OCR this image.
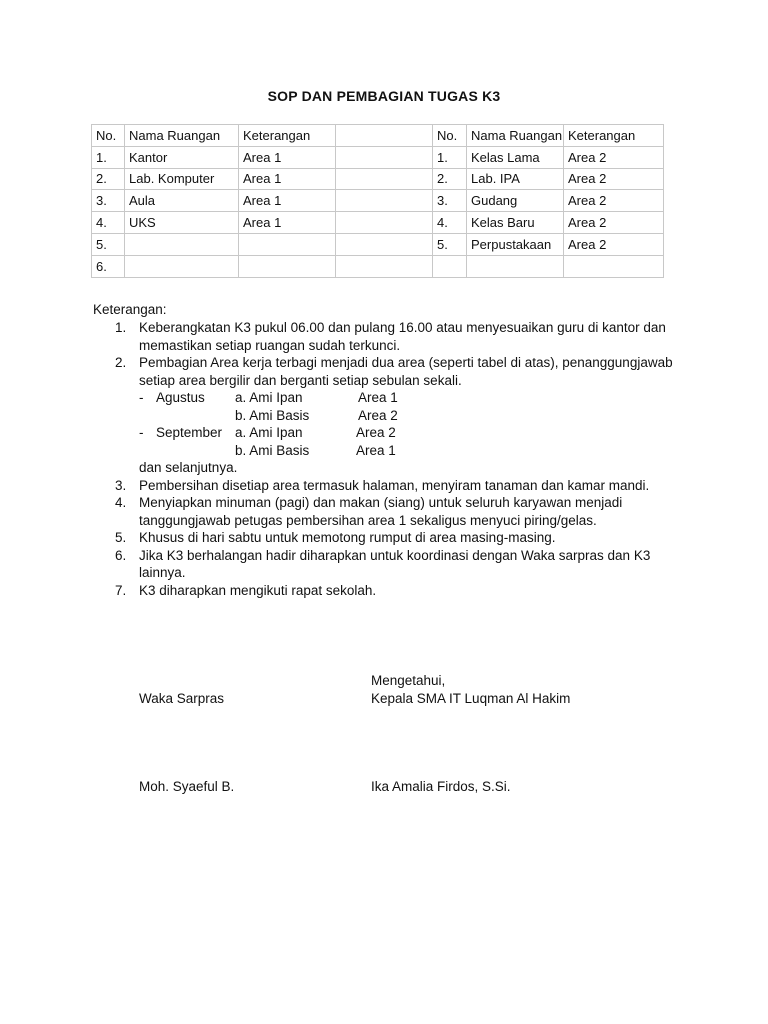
SOP DAN PEMBAGIAN TUGAS K3
No.	Nama Ruangan	Keterangan		No.	Nama Ruangan	Keterangan
1.	Kantor	Area 1		1.	Kelas Lama	Area 2
2.	Lab. Komputer	Area 1		2.	Lab. IPA	Area 2
3.	Aula	Area 1		3.	Gudang	Area 2
4.	UKS	Area 1		4.	Kelas Baru	Area 2
5.				5.	Perpustakaan	Area 2
6.						
Keterangan:
1. Keberangkatan K3 pukul 06.00 dan pulang 16.00 atau menyesuaikan guru di kantor dan memastikan setiap ruangan sudah terkunci.
2. Pembagian Area kerja terbagi menjadi dua area (seperti tabel di atas), penanggungjawab setiap area bergilir dan berganti setiap sebulan sekali.
- Agustus a. Ami Ipan	Area 1
b. Ami Basis	Area 2
- September a. Ami Ipan	Area 2
b. Ami Basis	Area 1
dan selanjutnya.
3. Pembersihan disetiap area termasuk halaman, menyiram tanaman dan kamar mandi.
4. Menyiapkan minuman (pagi) dan makan (siang) untuk seluruh karyawan menjadi tanggungjawab petugas pembersihan area 1 sekaligus menyuci piring/gelas.
5. Khusus di hari sabtu untuk memotong rumput di area masing-masing.
6. Jika K3 berhalangan hadir diharapkan untuk koordinasi dengan Waka sarpras dan K3 lainnya.
7. K3 diharapkan mengikuti rapat sekolah.
Mengetahui,
Waka Sarpras	Kepala SMA IT Luqman Al Hakim
Moh. Syaeful B.	Ika Amalia Firdos, S.Si.
